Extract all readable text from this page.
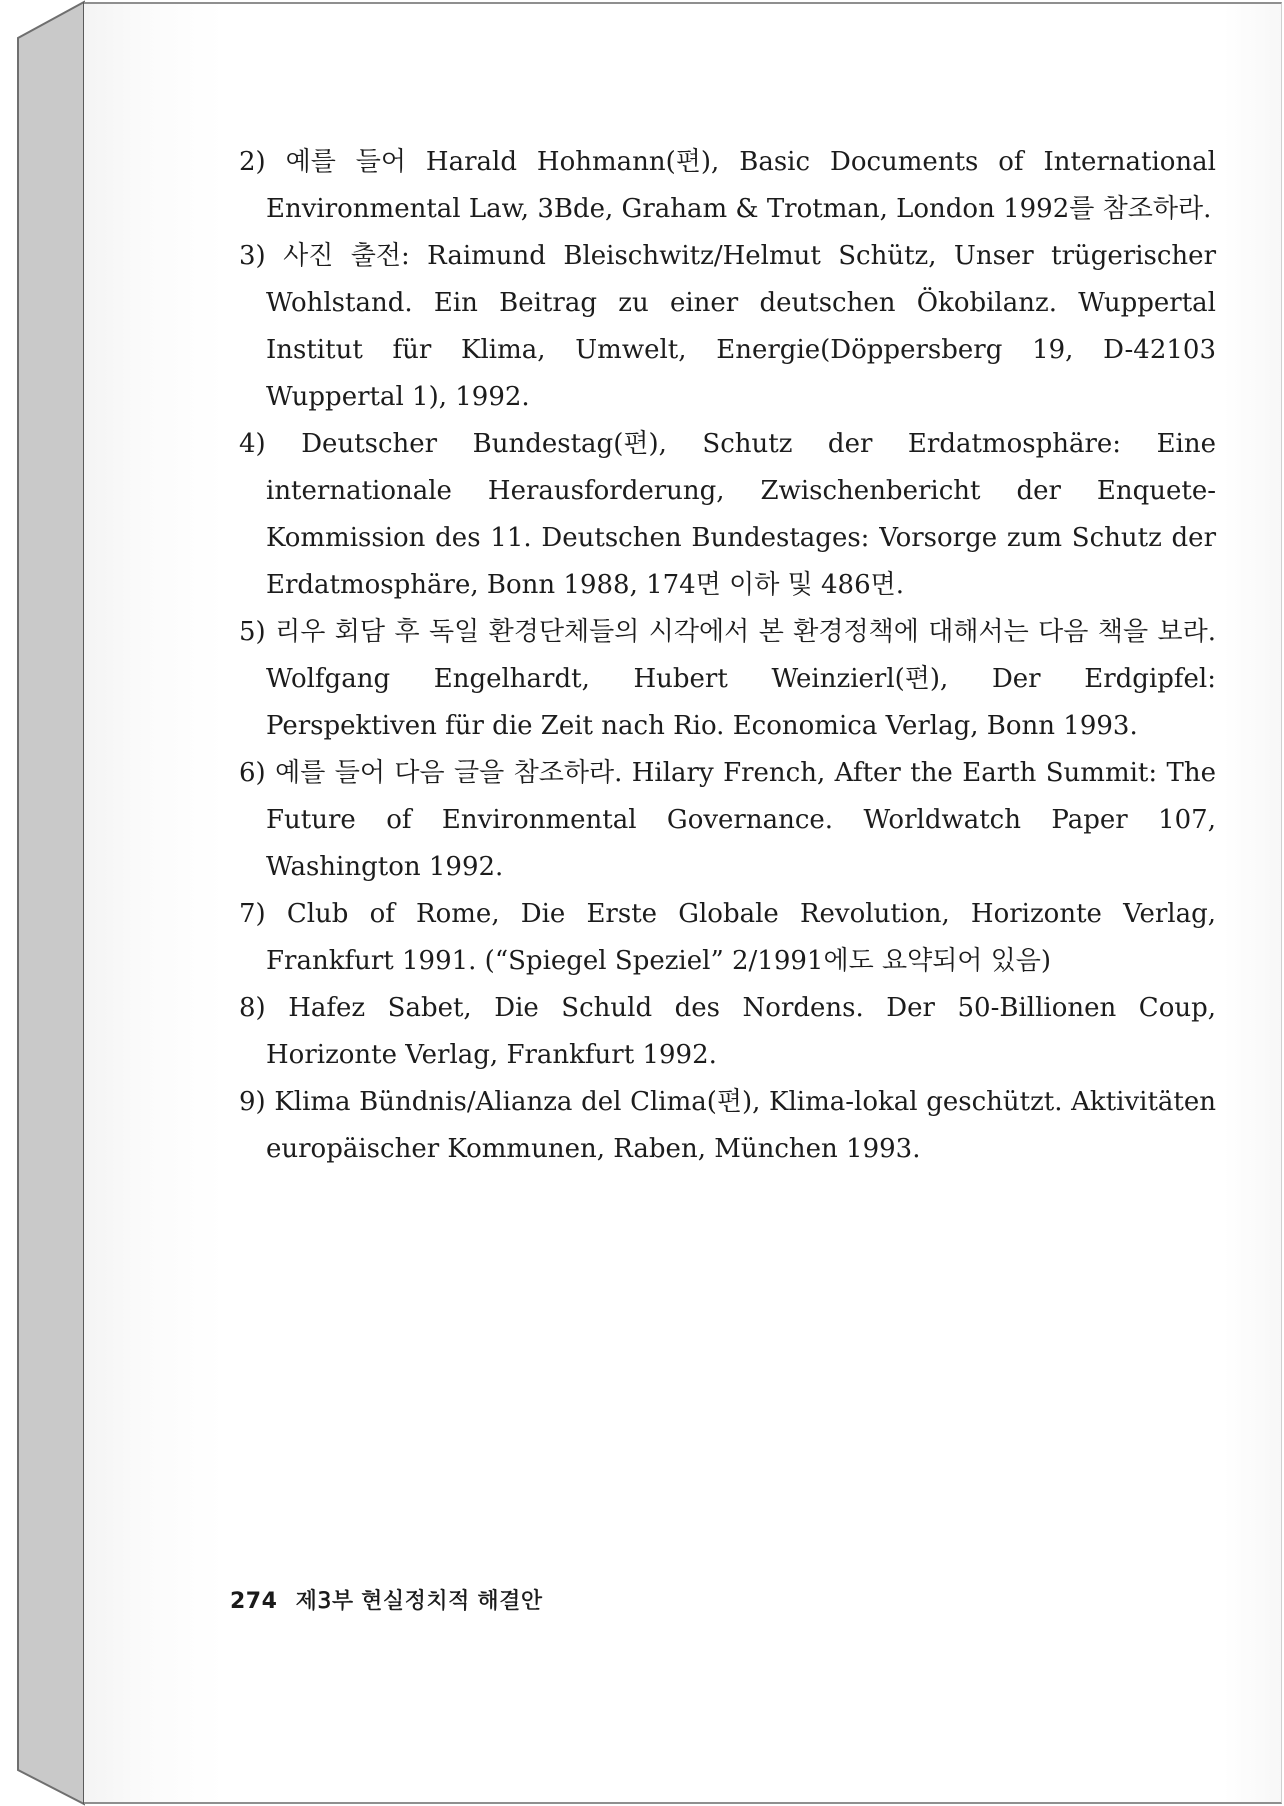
2) 예를 들어 Harald Hohmann(편), Basic Documents of International Environmental Law, 3Bde, Graham & Trotman, London 1992를 참조하라.

3) 사진 출전: Raimund Bleischwitz/Helmut Schütz, Unser trügerischer Wohlstand. Ein Beitrag zu einer deutschen Ökobilanz. Wuppertal Institut für Klima, Umwelt, Energie(Döppersberg 19, D-42103 Wuppertal 1), 1992.

4) Deutscher Bundestag(편), Schutz der Erdatmosphäre: Eine internationale Herausforderung, Zwischenbericht der Enquete-Kommission des 11. Deutschen Bundestages: Vorsorge zum Schutz der Erdatmosphäre, Bonn 1988, 174면 이하 및 486면.

5) 리우 회담 후 독일 환경단체들의 시각에서 본 환경정책에 대해서는 다음 책을 보라. Wolfgang Engelhardt, Hubert Weinzierl(편), Der Erdgipfel: Perspektiven für die Zeit nach Rio. Economica Verlag, Bonn 1993.

6) 예를 들어 다음 글을 참조하라. Hilary French, After the Earth Summit: The Future of Environmental Governance. Worldwatch Paper 107, Washington 1992.

7) Club of Rome, Die Erste Globale Revolution, Horizonte Verlag, Frankfurt 1991. (“Spiegel Speziel” 2/1991에도 요약되어 있음)

8) Hafez Sabet, Die Schuld des Nordens. Der 50-Billionen Coup, Horizonte Verlag, Frankfurt 1992.

9) Klima Bündnis/Alianza del Clima(편), Klima-lokal geschützt. Aktivitäten europäischer Kommunen, Raben, München 1993.

274 제3부 현실정치적 해결안
